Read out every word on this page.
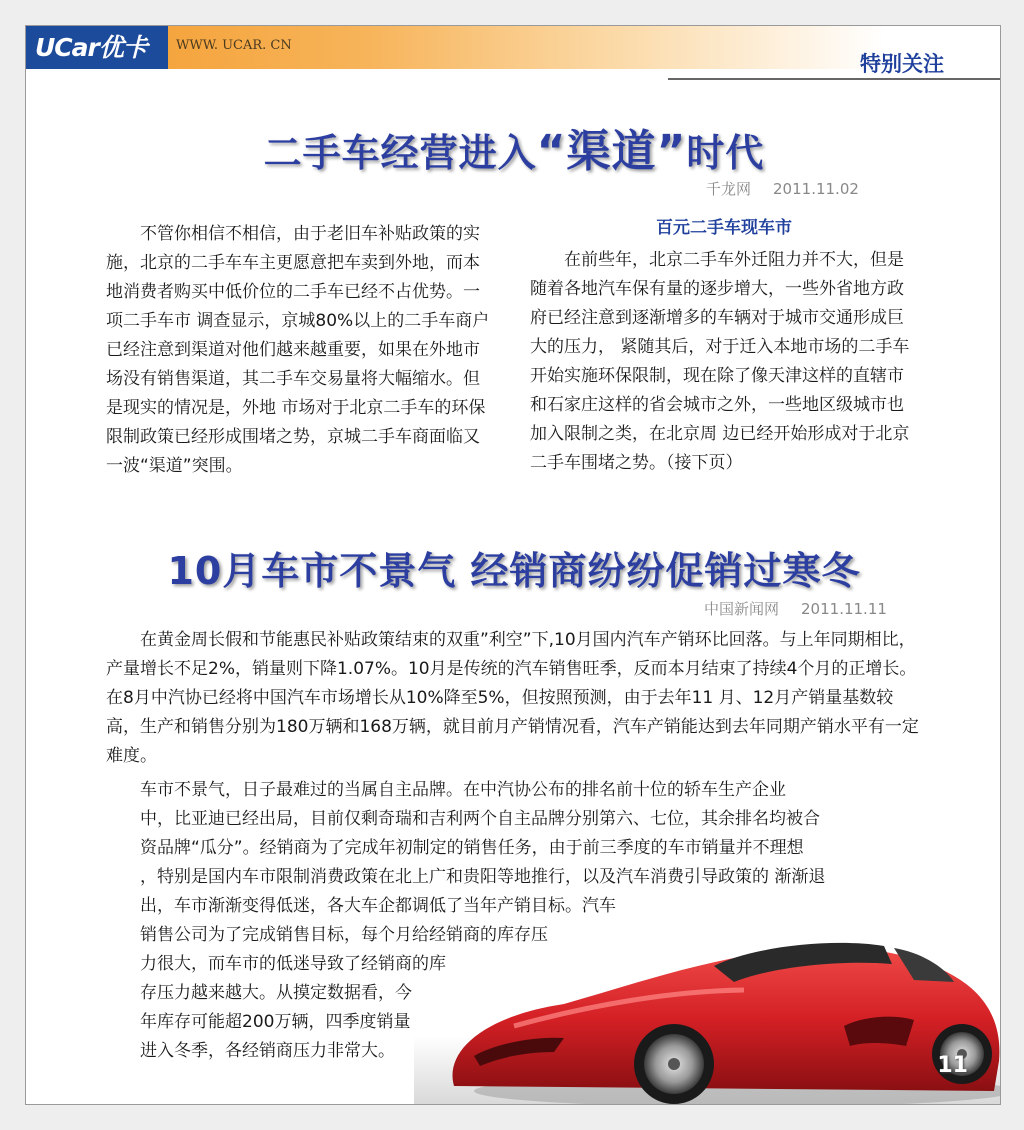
UCar优卡	WWW. UCAR. CN
特别关注
二手车经营进入“渠道”时代
千龙网 2011.11.02

不管你相信不相信，由于老旧车补贴政策的实施，北京的二手车车主更愿意把车卖到外地，而本地消费者购买中低价位的二手车已经不占优势。一项二手车市 调查显示，京城80%以上的二手车商户已经注意到渠道对他们越来越重要，如果在外地市场没有销售渠道，其二手车交易量将大幅缩水。但是现实的情况是，外地 市场对于北京二手车的环保限制政策已经形成围堵之势，京城二手车商面临又一波“渠道”突围。

百元二手车现车市

在前些年，北京二手车外迁阻力并不大，但是随着各地汽车保有量的逐步增大，一些外省地方政府已经注意到逐渐增多的车辆对于城市交通形成巨大的压力， 紧随其后，对于迁入本地市场的二手车开始实施环保限制，现在除了像天津这样的直辖市和石家庄这样的省会城市之外，一些地区级城市也加入限制之类，在北京周 边已经开始形成对于北京二手车围堵之势。（接下页）

10月车市不景气 经销商纷纷促销过寒冬
中国新闻网 2011.11.11

在黄金周长假和节能惠民补贴政策结束的双重”利空”下,10月国内汽车产销环比回落。与上年同期相比，产量增长不足2%，销量则下降1.07%。10月是传统的汽车销售旺季，反而本月结束了持续4个月的正增长。在8月中汽协已经将中国汽车市场增长从10%降至5%，但按照预测，由于去年11 月、12月产销量基数较高，生产和销售分别为180万辆和168万辆，就目前月产销情况看，汽车产销能达到去年同期产销水平有一定难度。

车市不景气，日子最难过的当属自主品牌。在中汽协公布的排名前十位的轿车生产企业
中，比亚迪已经出局，目前仅剩奇瑞和吉利两个自主品牌分别第六、七位，其余排名均被合
资品牌“瓜分”。经销商为了完成年初制定的销售任务，由于前三季度的车市销量并不理想
，特别是国内车市限制消费政策在北上广和贵阳等地推行，以及汽车消费引导政策的 渐渐退
出，车市渐渐变得低迷，各大车企都调低了当年产销目标。汽车
销售公司为了完成销售目标，每个月给经销商的库存压
力很大，而车市的低迷导致了经销商的库
存压力越来越大。从摸定数据看，今
年库存可能超200万辆，四季度销量
进入冬季，各经销商压力非常大。
11
